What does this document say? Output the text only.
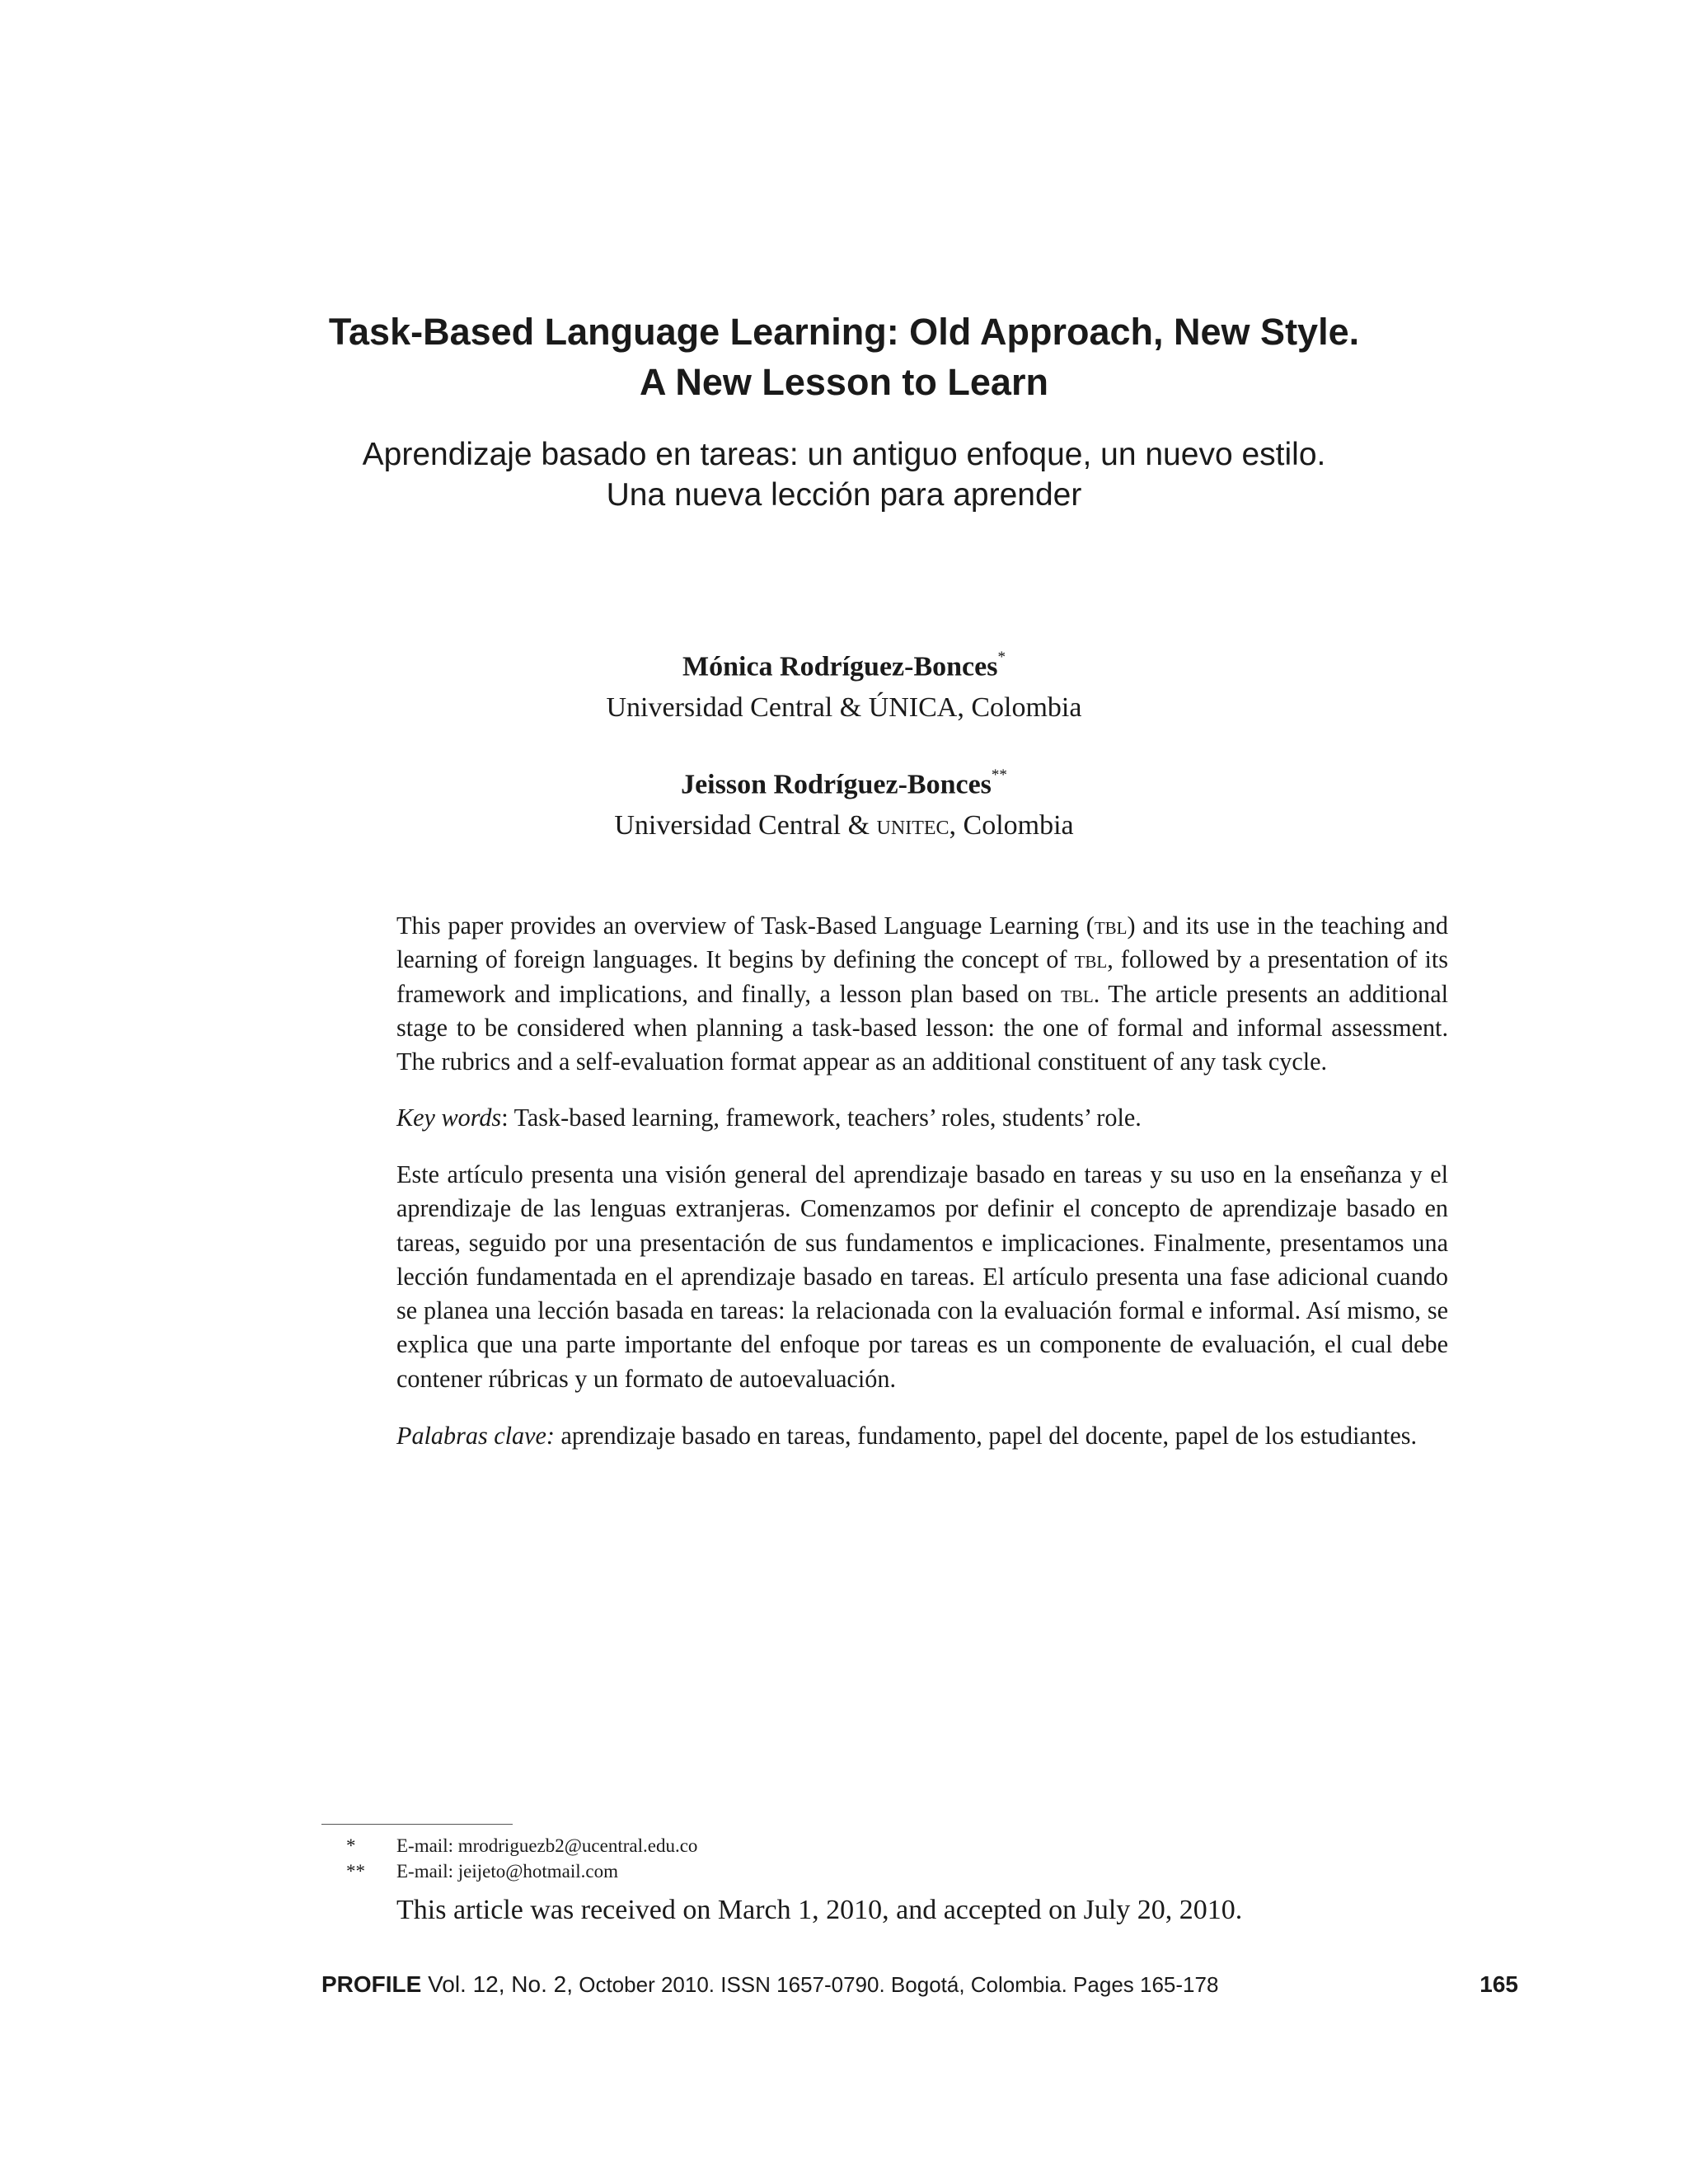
Task-Based Language Learning: Old Approach, New Style.
A New Lesson to Learn
Aprendizaje basado en tareas: un antiguo enfoque, un nuevo estilo.
Una nueva lección para aprender
Mónica Rodríguez-Bonces*
Universidad Central & ÚNICA, Colombia
Jeisson Rodríguez-Bonces**
Universidad Central & unitec, Colombia

This paper provides an overview of Task-Based Language Learning (tbl) and its use in the teaching and learning of foreign languages. It begins by defining the concept of tbl, followed by a presentation of its framework and implications, and finally, a lesson plan based on tbl. The article presents an additional stage to be considered when planning a task-based lesson: the one of formal and informal assessment. The rubrics and a self-evaluation format appear as an additional constituent of any task cycle.

Key words: Task-based learning, framework, teachers’ roles, students’ role.

Este artículo presenta una visión general del aprendizaje basado en tareas y su uso en la enseñanza y el aprendizaje de las lenguas extranjeras. Comenzamos por definir el concepto de aprendizaje basado en tareas, seguido por una presentación de sus fundamentos e implicaciones. Finalmente, presentamos una lección fundamentada en el aprendizaje basado en tareas. El artículo presenta una fase adicional cuando se planea una lección basada en tareas: la relacionada con la evaluación formal e informal. Así mismo, se explica que una parte importante del enfoque por tareas es un componente de evaluación, el cual debe contener rúbricas y un formato de autoevaluación.

Palabras clave: aprendizaje basado en tareas, fundamento, papel del docente, papel de los estudiantes.

* E-mail: mrodriguezb2@ucentral.edu.co
** E-mail: jeijeto@hotmail.com
This article was received on March 1, 2010, and accepted on July 20, 2010.
PROFILE Vol. 12, No. 2, October 2010. ISSN 1657-0790. Bogotá, Colombia. Pages 165-178	165
